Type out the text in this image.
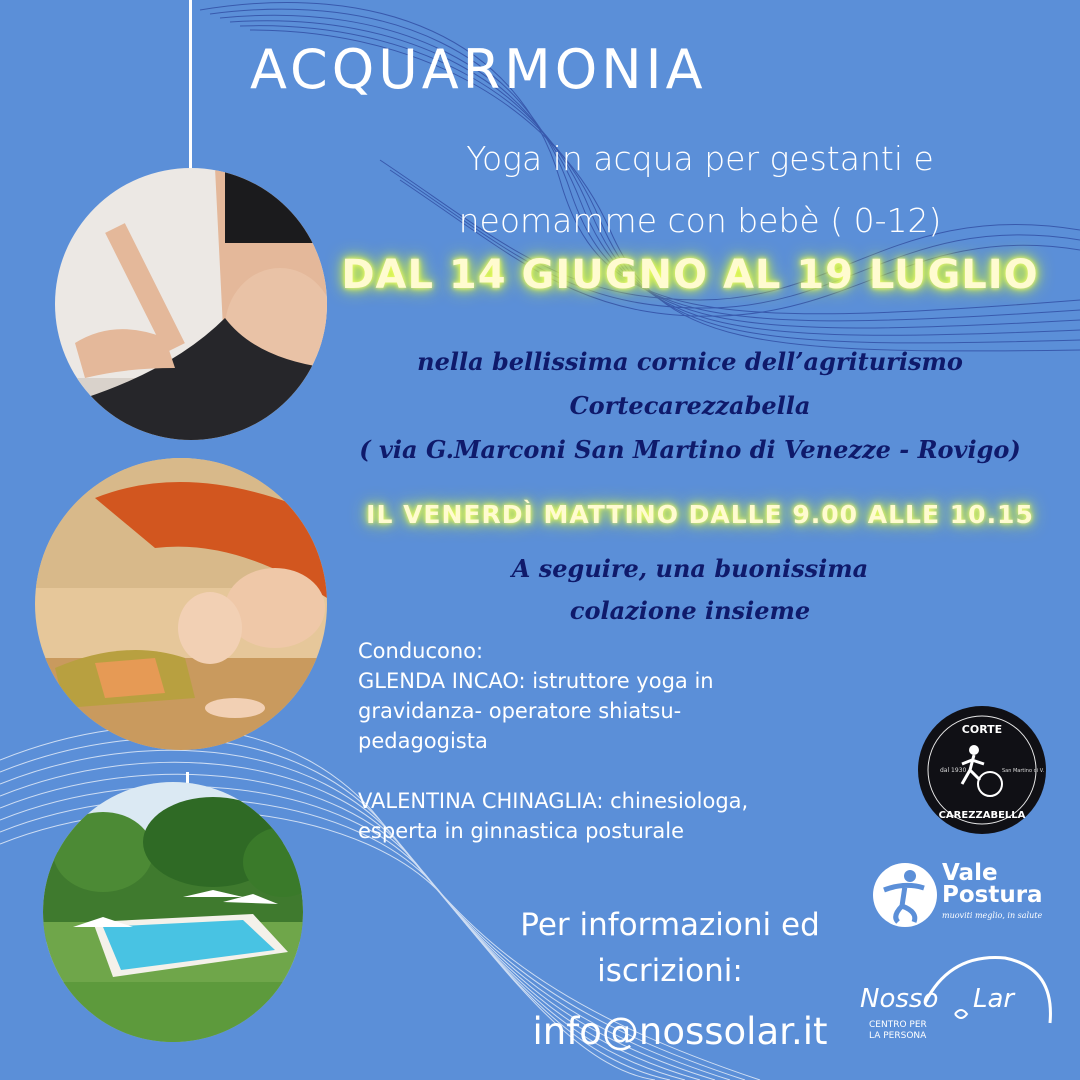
ACQUARMONIA
Yoga in acqua per gestanti e
neomamme con bebè ( 0-12)
DAL 14 GIUGNO AL 19 LUGLIO
nella bellissima cornice dell’agriturismo
Cortecarezzabella
( via G.Marconi San Martino di Venezze - Rovigo)
IL VENERDÌ MATTINO DALLE 9.00 ALLE 10.15
A seguire, una buonissima
colazione insieme
Conducono:
GLENDA INCAO: istruttore yoga in
gravidanza- operatore shiatsu-
pedagogista
VALENTINA CHINAGLIA: chinesiologa,
esperta in ginnastica posturale
Per informazioni ed
iscrizioni:
info@nossolar.it
CORTE
CAREZZABELLA
dal 1930	San Martino di V.
Vale
Postura
muoviti meglio, in salute
Nosso Lar
CENTRO PER
LA PERSONA
